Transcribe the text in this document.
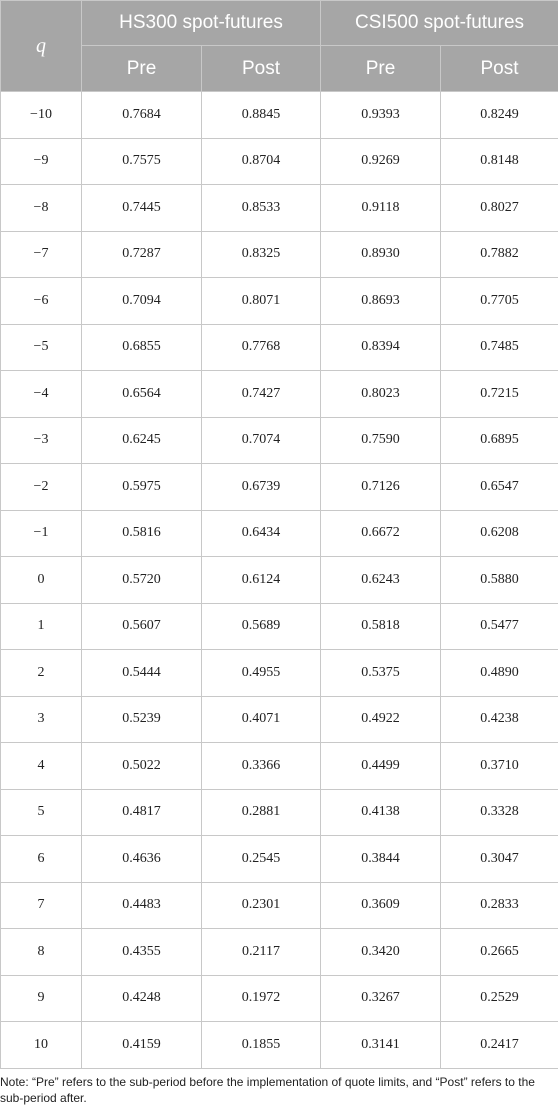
q	HS300 spot-futures		CSI500 spot-futures	
	Pre	Post	Pre	Post
−10	0.7684	0.8845	0.9393	0.8249
−9	0.7575	0.8704	0.9269	0.8148
−8	0.7445	0.8533	0.9118	0.8027
−7	0.7287	0.8325	0.8930	0.7882
−6	0.7094	0.8071	0.8693	0.7705
−5	0.6855	0.7768	0.8394	0.7485
−4	0.6564	0.7427	0.8023	0.7215
−3	0.6245	0.7074	0.7590	0.6895
−2	0.5975	0.6739	0.7126	0.6547
−1	0.5816	0.6434	0.6672	0.6208
0	0.5720	0.6124	0.6243	0.5880
1	0.5607	0.5689	0.5818	0.5477
2	0.5444	0.4955	0.5375	0.4890
3	0.5239	0.4071	0.4922	0.4238
4	0.5022	0.3366	0.4499	0.3710
5	0.4817	0.2881	0.4138	0.3328
6	0.4636	0.2545	0.3844	0.3047
7	0.4483	0.2301	0.3609	0.2833
8	0.4355	0.2117	0.3420	0.2665
9	0.4248	0.1972	0.3267	0.2529
10	0.4159	0.1855	0.3141	0.2417

Note: “Pre” refers to the sub-period before the implementation of quote limits, and “Post” refers to the sub-period after.
